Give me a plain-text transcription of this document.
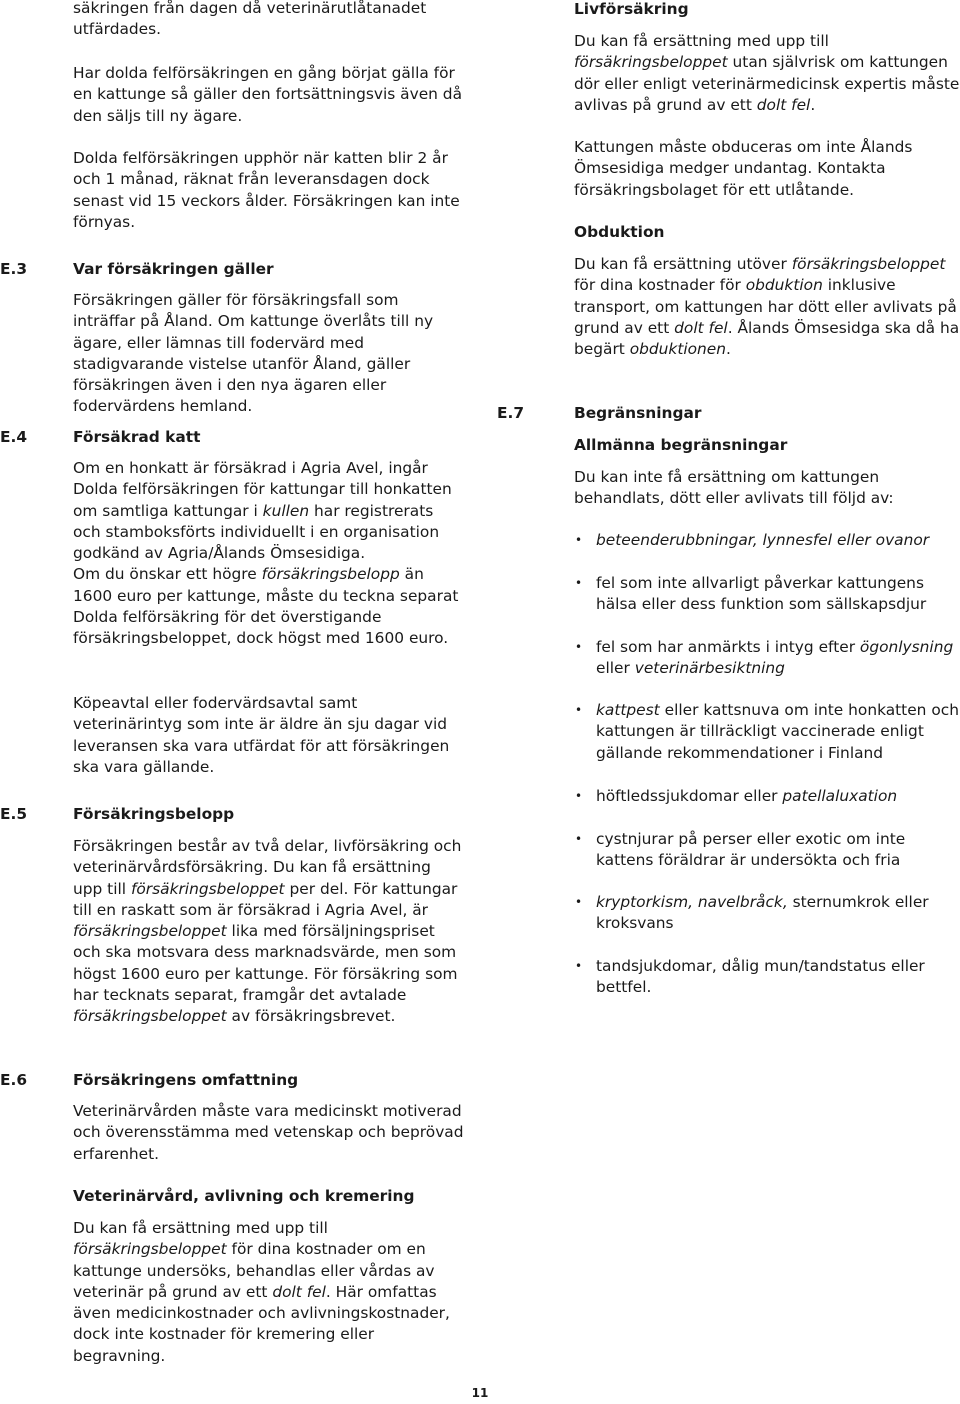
säkringen från dagen då veterinärutlåtanadet
utfärdades.

Har dolda felförsäkringen en gång börjat gälla för en kattunge så gäller den fortsättningsvis även då den säljs till ny ägare.

Dolda felförsäkringen upphör när katten blir 2 år och 1 månad, räknat från leveransdagen dock senast vid 15 veckors ålder. Försäkringen kan inte förnyas.

E.3	Var försäkringen gäller

Försäkringen gäller för försäkringsfall som inträffar på Åland. Om kattunge överlåts till ny ägare, eller lämnas till fodervärd med stadigvarande vistelse utanför Åland, gäller försäkringen även i den nya ägaren eller fodervärdens hemland.

E.4	Försäkrad katt

Om en honkatt är försäkrad i Agria Avel, ingår Dolda felförsäkringen för kattungar till honkatten om samtliga kattungar i kullen har registrerats och stamboksförts individuellt i en organisation godkänd av Agria/Ålands Ömsesidiga.

Om du önskar ett högre försäkringsbelopp än 1600 euro per kattunge, måste du teckna separat Dolda felförsäkring för det överstigande försäkringsbeloppet, dock högst med 1600 euro.

Köpeavtal eller fodervärdsavtal samt veterinärintyg som inte är äldre än sju dagar vid leveransen ska vara utfärdat för att försäkringen ska vara gällande.

E.5	Försäkringsbelopp

Försäkringen består av två delar, livförsäkring och veterinärvårdsförsäkring. Du kan få ersättning upp till försäkringsbeloppet per del. För kattungar till en raskatt som är försäkrad i Agria Avel, är försäkringsbeloppet lika med försäljningspriset och ska motsvara dess marknadsvärde, men som högst 1600 euro per kattunge. För försäkring som har tecknats separat, framgår det avtalade försäkringsbeloppet av försäkringsbrevet.

E.6	Försäkringens omfattning

Veterinärvården måste vara medicinskt motiverad och överensstämma med vetenskap och beprövad erfarenhet.

Veterinärvård, avlivning och kremering

Du kan få ersättning med upp till försäkringsbeloppet för dina kostnader om en kattunge undersöks, behandlas eller vårdas av veterinär på grund av ett dolt fel. Här omfattas även medicinkostnader och avlivningskostnader, dock inte kostnader för kremering eller begravning.

Livförsäkring

Du kan få ersättning med upp till försäkringsbeloppet utan självrisk om kattungen dör eller enligt veterinärmedicinsk expertis måste avlivas på grund av ett dolt fel.

Kattungen måste obduceras om inte Ålands Ömsesidiga medger undantag. Kontakta försäkringsbolaget för ett utlåtande.

Obduktion

Du kan få ersättning utöver försäkringsbeloppet för dina kostnader för obduktion inklusive transport, om kattungen har dött eller avlivats på grund av ett dolt fel. Ålands Ömsesidga ska då ha begärt obduktionen.

E.7	Begränsningar
Allmänna begränsningar

Du kan inte få ersättning om kattungen behandlats, dött eller avlivats till följd av:

• beteenderubbningar, lynnesfel eller ovanor
• fel som inte allvarligt påverkar kattungens hälsa eller dess funktion som sällskapsdjur
• fel som har anmärkts i intyg efter ögonlysning eller veterinärbesiktning
• kattpest eller kattsnuva om inte honkatten och kattungen är tillräckligt vaccinerade enligt gällande rekommendationer i Finland
• höftledssjukdomar eller patellaluxation
• cystnjurar på perser eller exotic om inte kattens föräldrar är undersökta och fria
• kryptorkism, navelbråck, sternumkrok eller kroksvans
• tandsjukdomar, dålig mun/tandstatus eller bettfel.
11
